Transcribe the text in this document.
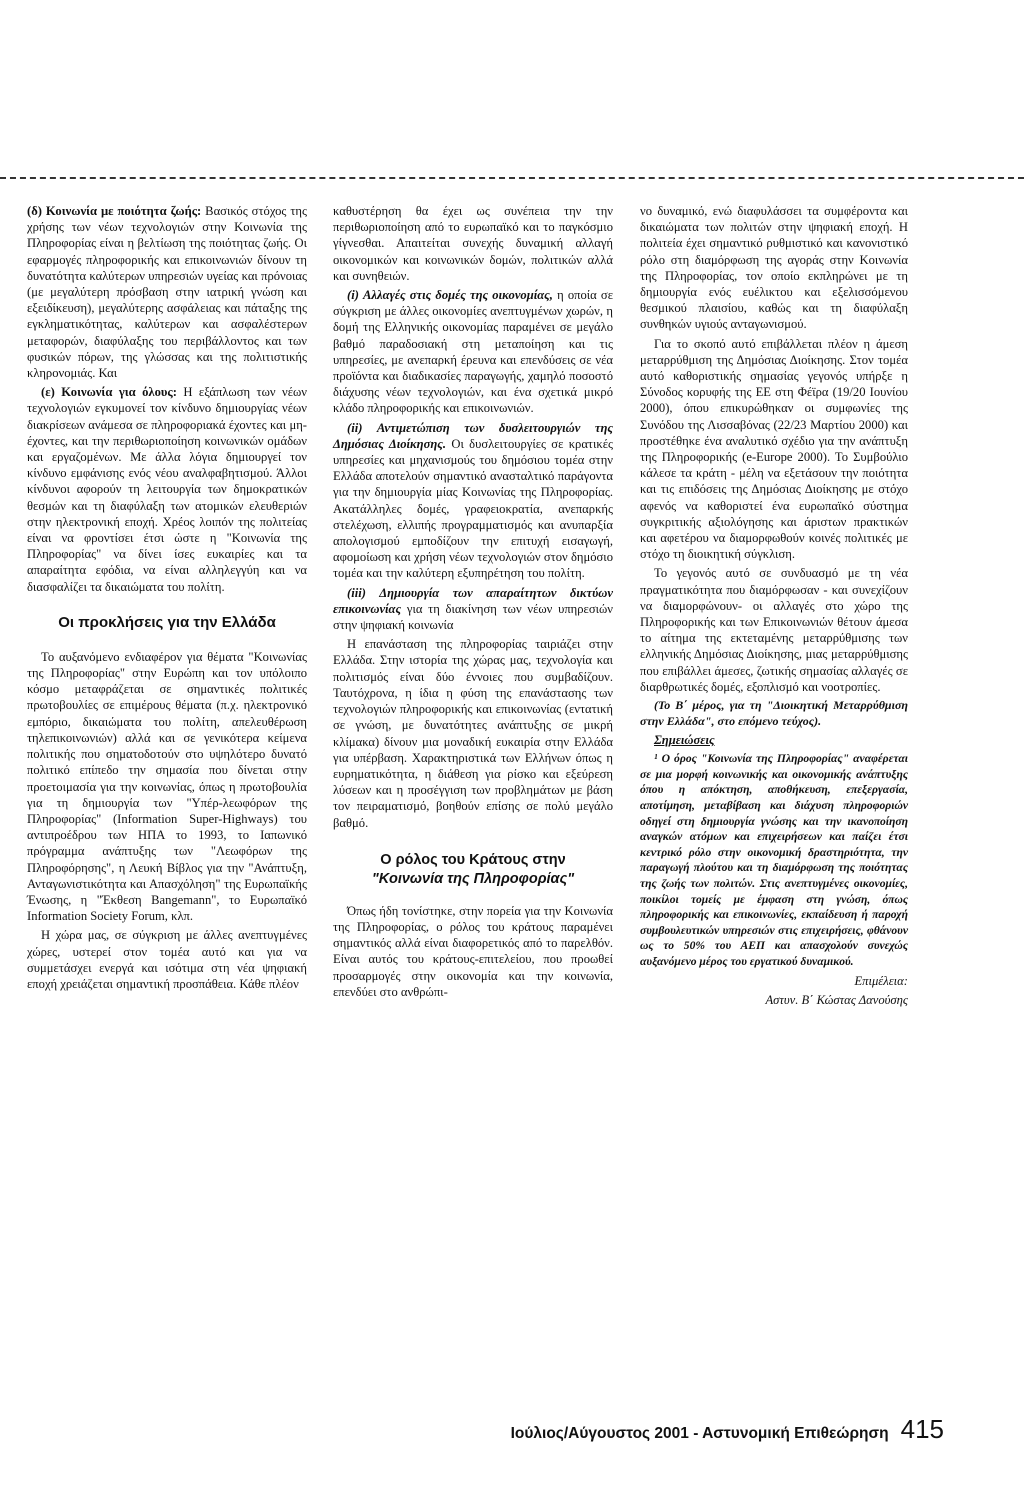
(δ) Κοινωνία με ποιότητα ζωής: Βασικός στόχος της χρήσης των νέων τεχνολογιών στην Κοινωνία της Πληροφορίας είναι η βελτίωση της ποιότητας ζωής. Οι εφαρμογές πληροφορικής και επικοινωνιών δίνουν τη δυνατότητα καλύτερων υπηρεσιών υγείας και πρόνοιας (με μεγαλύτερη πρόσβαση στην ιατρική γνώση και εξειδίκευση), μεγαλύτερης ασφάλειας και πάταξης της εγκληματικότητας, καλύτερων και ασφαλέστερων μεταφορών, διαφύλαξης του περιβάλλοντος και των φυσικών πόρων, της γλώσσας και της πολιτιστικής κληρονομιάς. Και

(ε) Κοινωνία για όλους: Η εξάπλωση των νέων τεχνολογιών εγκυμονεί τον κίνδυνο δημιουργίας νέων διακρίσεων ανάμεσα σε πληροφοριακά έχοντες και μη-έχοντες, και την περιθωριοποίηση κοινωνικών ομάδων και εργαζομένων. Με άλλα λόγια δημιουργεί τον κίνδυνο εμφάνισης ενός νέου αναλφαβητισμού. Άλλοι κίνδυνοι αφορούν τη λειτουργία των δημοκρατικών θεσμών και τη διαφύλαξη των ατομικών ελευθεριών στην ηλεκτρονική εποχή. Χρέος λοιπόν της πολιτείας είναι να φροντίσει έτσι ώστε η "Κοινωνία της Πληροφορίας" να δίνει ίσες ευκαιρίες και τα απαραίτητα εφόδια, να είναι αλληλεγγύη και να διασφαλίζει τα δικαιώματα του πολίτη.

Οι προκλήσεις για την Ελλάδα

Το αυξανόμενο ενδιαφέρον για θέματα "Κοινωνίας της Πληροφορίας" στην Ευρώπη και τον υπόλοιπο κόσμο μεταφράζεται σε σημαντικές πολιτικές πρωτοβουλίες σε επιμέρους θέματα (π.χ. ηλεκτρονικό εμπόριο, δικαιώματα του πολίτη, απελευθέρωση τηλεπικοινωνιών) αλλά και σε γενικότερα κείμενα πολιτικής που σηματοδοτούν στο υψηλότερο δυνατό πολιτικό επίπεδο την σημασία που δίνεται στην προετοιμασία για την κοινωνίας, όπως η πρωτοβουλία για τη δημιουργία των "Υπέρ-λεωφόρων της Πληροφορίας" (Information Super-Highways) του αντιπροέδρου των ΗΠΑ το 1993, το Ιαπωνικό πρόγραμμα ανάπτυξης των "Λεωφόρων της Πληροφόρησης", η Λευκή Βίβλος για την "Ανάπτυξη, Ανταγωνιστικότητα και Απασχόληση" της Ευρωπαϊκής Ένωσης, η "Έκθεση Bangemann", το Ευρωπαϊκό Information Society Forum, κλπ.

Η χώρα μας, σε σύγκριση με άλλες ανεπτυγμένες χώρες, υστερεί στον τομέα αυτό και για να συμμετάσχει ενεργά και ισότιμα στη νέα ψηφιακή εποχή χρειάζεται σημαντική προσπάθεια. Κάθε πλέον

καθυστέρηση θα έχει ως συνέπεια την την περιθωριοποίηση από το ευρωπαϊκό και το παγκόσμιο γίγνεσθαι. Απαιτείται συνεχής δυναμική αλλαγή οικονομικών και κοινωνικών δομών, πολιτικών αλλά και συνηθειών.

(i) Αλλαγές στις δομές της οικονομίας, η οποία σε σύγκριση με άλλες οικονομίες ανεπτυγμένων χωρών, η δομή της Ελληνικής οικονομίας παραμένει σε μεγάλο βαθμό παραδοσιακή στη μεταποίηση και τις υπηρεσίες, με ανεπαρκή έρευνα και επενδύσεις σε νέα προϊόντα και διαδικασίες παραγωγής, χαμηλό ποσοστό διάχυσης νέων τεχνολογιών, και ένα σχετικά μικρό κλάδο πληροφορικής και επικοινωνιών.

(ii) Αντιμετώπιση των δυσλειτουργιών της Δημόσιας Διοίκησης. Οι δυσλειτουργίες σε κρατικές υπηρεσίες και μηχανισμούς του δημόσιου τομέα στην Ελλάδα αποτελούν σημαντικό ανασταλτικό παράγοντα για την δημιουργία μίας Κοινωνίας της Πληροφορίας. Ακατάλληλες δομές, γραφειοκρατία, ανεπαρκής στελέχωση, ελλιπής προγραμματισμός και ανυπαρξία απολογισμού εμποδίζουν την επιτυχή εισαγωγή, αφομοίωση και χρήση νέων τεχνολογιών στον δημόσιο τομέα και την καλύτερη εξυπηρέτηση του πολίτη.

(iii) Δημιουργία των απαραίτητων δικτύων επικοινωνίας για τη διακίνηση των νέων υπηρεσιών στην ψηφιακή κοινωνία

Η επανάσταση της πληροφορίας ταιριάζει στην Ελλάδα. Στην ιστορία της χώρας μας, τεχνολογία και πολιτισμός είναι δύο έννοιες που συμβαδίζουν. Ταυτόχρονα, η ίδια η φύση της επανάστασης των τεχνολογιών πληροφορικής και επικοινωνίας (εντατική σε γνώση, με δυνατότητες ανάπτυξης σε μικρή κλίμακα) δίνουν μια μοναδική ευκαιρία στην Ελλάδα για υπέρβαση. Χαρακτηριστικά των Ελλήνων όπως η ευρηματικότητα, η διάθεση για ρίσκο και εξεύρεση λύσεων και η προσέγγιση των προβλημάτων με βάση τον πειραματισμό, βοηθούν επίσης σε πολύ μεγάλο βαθμό.

Ο ρόλος του Κράτους στην
"Κοινωνία της Πληροφορίας"

Όπως ήδη τονίστηκε, στην πορεία για την Κοινωνία της Πληροφορίας, ο ρόλος του κράτους παραμένει σημαντικός αλλά είναι διαφορετικός από το παρελθόν. Είναι αυτός του κράτους-επιτελείου, που προωθεί προσαρμογές στην οικονομία και την κοινωνία, επενδύει στο ανθρώπι-

νο δυναμικό, ενώ διαφυλάσσει τα συμφέροντα και δικαιώματα των πολιτών στην ψηφιακή εποχή. Η πολιτεία έχει σημαντικό ρυθμιστικό και κανονιστικό ρόλο στη διαμόρφωση της αγοράς στην Κοινωνία της Πληροφορίας, τον οποίο εκπληρώνει με τη δημιουργία ενός ευέλικτου και εξελισσόμενου θεσμικού πλαισίου, καθώς και τη διαφύλαξη συνθηκών υγιούς ανταγωνισμού.

Για το σκοπό αυτό επιβάλλεται πλέον η άμεση μεταρρύθμιση της Δημόσιας Διοίκησης. Στον τομέα αυτό καθοριστικής σημασίας γεγονός υπήρξε η Σύνοδος κορυφής της ΕΕ στη Φέϊρα (19/20 Ιουνίου 2000), όπου επικυρώθηκαν οι συμφωνίες της Συνόδου της Λισσαβόνας (22/23 Μαρτίου 2000) και προστέθηκε ένα αναλυτικό σχέδιο για την ανάπτυξη της Πληροφορικής (e-Europe 2000). Το Συμβούλιο κάλεσε τα κράτη - μέλη να εξετάσουν την ποιότητα και τις επιδόσεις της Δημόσιας Διοίκησης με στόχο αφενός να καθοριστεί ένα ευρωπαϊκό σύστημα συγκριτικής αξιολόγησης και άριστων πρακτικών και αφετέρου να διαμορφωθούν κοινές πολιτικές με στόχο τη διοικητική σύγκλιση.

Το γεγονός αυτό σε συνδυασμό με τη νέα πραγματικότητα που διαμόρφωσαν - και συνεχίζουν να διαμορφώνουν- οι αλλαγές στο χώρο της Πληροφορικής και των Επικοινωνιών θέτουν άμεσα το αίτημα της εκτεταμένης μεταρρύθμισης των ελληνικής Δημόσιας Διοίκησης, μιας μεταρρύθμισης που επιβάλλει άμεσες, ζωτικής σημασίας αλλαγές σε διαρθρωτικές δομές, εξοπλισμό και νοοτροπίες.

(Το Β΄ μέρος, για τη "Διοικητική Μεταρρύθμιση στην Ελλάδα", στο επόμενο τεύχος).

Σημειώσεις

¹ Ο όρος "Κοινωνία της Πληροφορίας" αναφέρεται σε μια μορφή κοινωνικής και οικονομικής ανάπτυξης όπου η απόκτηση, αποθήκευση, επεξεργασία, αποτίμηση, μεταβίβαση και διάχυση πληροφοριών οδηγεί στη δημιουργία γνώσης και την ικανοποίηση αναγκών ατόμων και επιχειρήσεων και παίζει έτσι κεντρικό ρόλο στην οικονομική δραστηριότητα, την παραγωγή πλούτου και τη διαμόρφωση της ποιότητας της ζωής των πολιτών. Στις ανεπτυγμένες οικονομίες, ποικίλοι τομείς με έμφαση στη γνώση, όπως πληροφορικής και επικοινωνίες, εκπαίδευση ή παροχή συμβουλευτικών υπηρεσιών στις επιχειρήσεις, φθάνουν ως το 50% του ΑΕΠ και απασχολούν συνεχώς αυξανόμενο μέρος του εργατικού δυναμικού.

Επιμέλεια:

Αστυν. Β΄ Κώστας Δανούσης

Ιούλιος/Αύγουστος 2001 - Αστυνομική Επιθεώρηση 415
